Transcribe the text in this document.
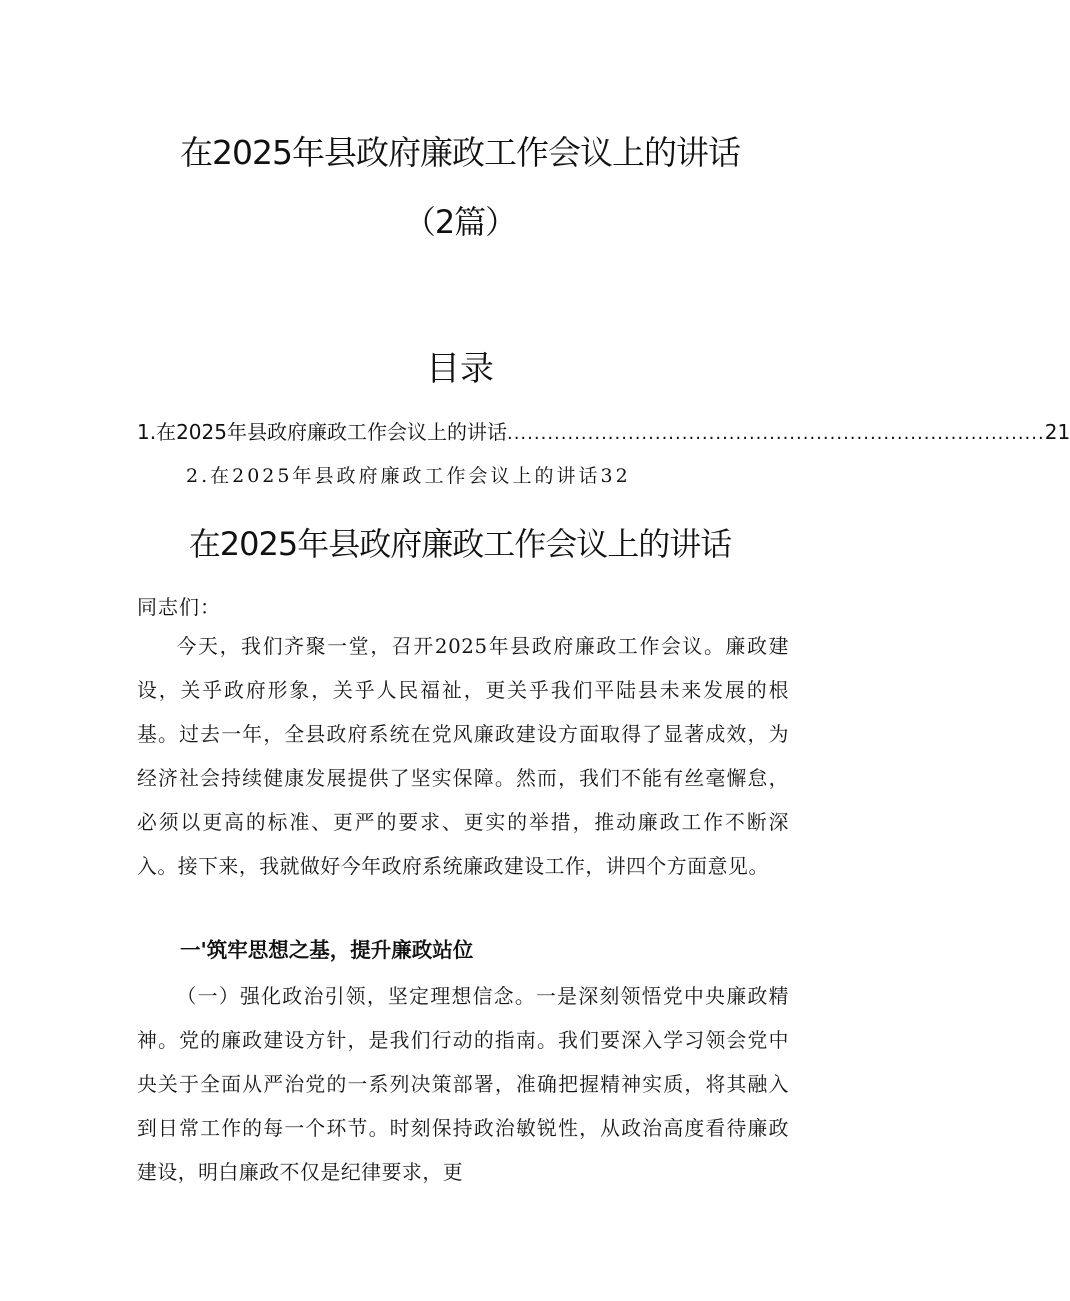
在2025年县政府廉政工作会议上的讲话
（2篇）
目录
1.在2025年县政府廉政工作会议上的讲话 ................................................................................ 21
2.在2025年县政府廉政工作会议上的讲话32
在2025年县政府廉政工作会议上的讲话
同志们：

今天，我们齐聚一堂，召开2025年县政府廉政工作会议。廉政建设，关乎政府形象，关乎人民福祉，更关乎我们平陆县未来发展的根基。过去一年，全县政府系统在党风廉政建设方面取得了显著成效，为经济社会持续健康发展提供了坚实保障。然而，我们不能有丝毫懈怠，必须以更高的标准、更严的要求、更实的举措，推动廉政工作不断深入。接下来，我就做好今年政府系统廉政建设工作，讲四个方面意见。

一'筑牢思想之基，提升廉政站位

（一）强化政治引领，坚定理想信念。一是深刻领悟党中央廉政精神。党的廉政建设方针，是我们行动的指南。我们要深入学习领会党中央关于全面从严治党的一系列决策部署，准确把握精神实质，将其融入到日常工作的每一个环节。时刻保持政治敏锐性，从政治高度看待廉政建设，明白廉政不仅是纪律要求，更
